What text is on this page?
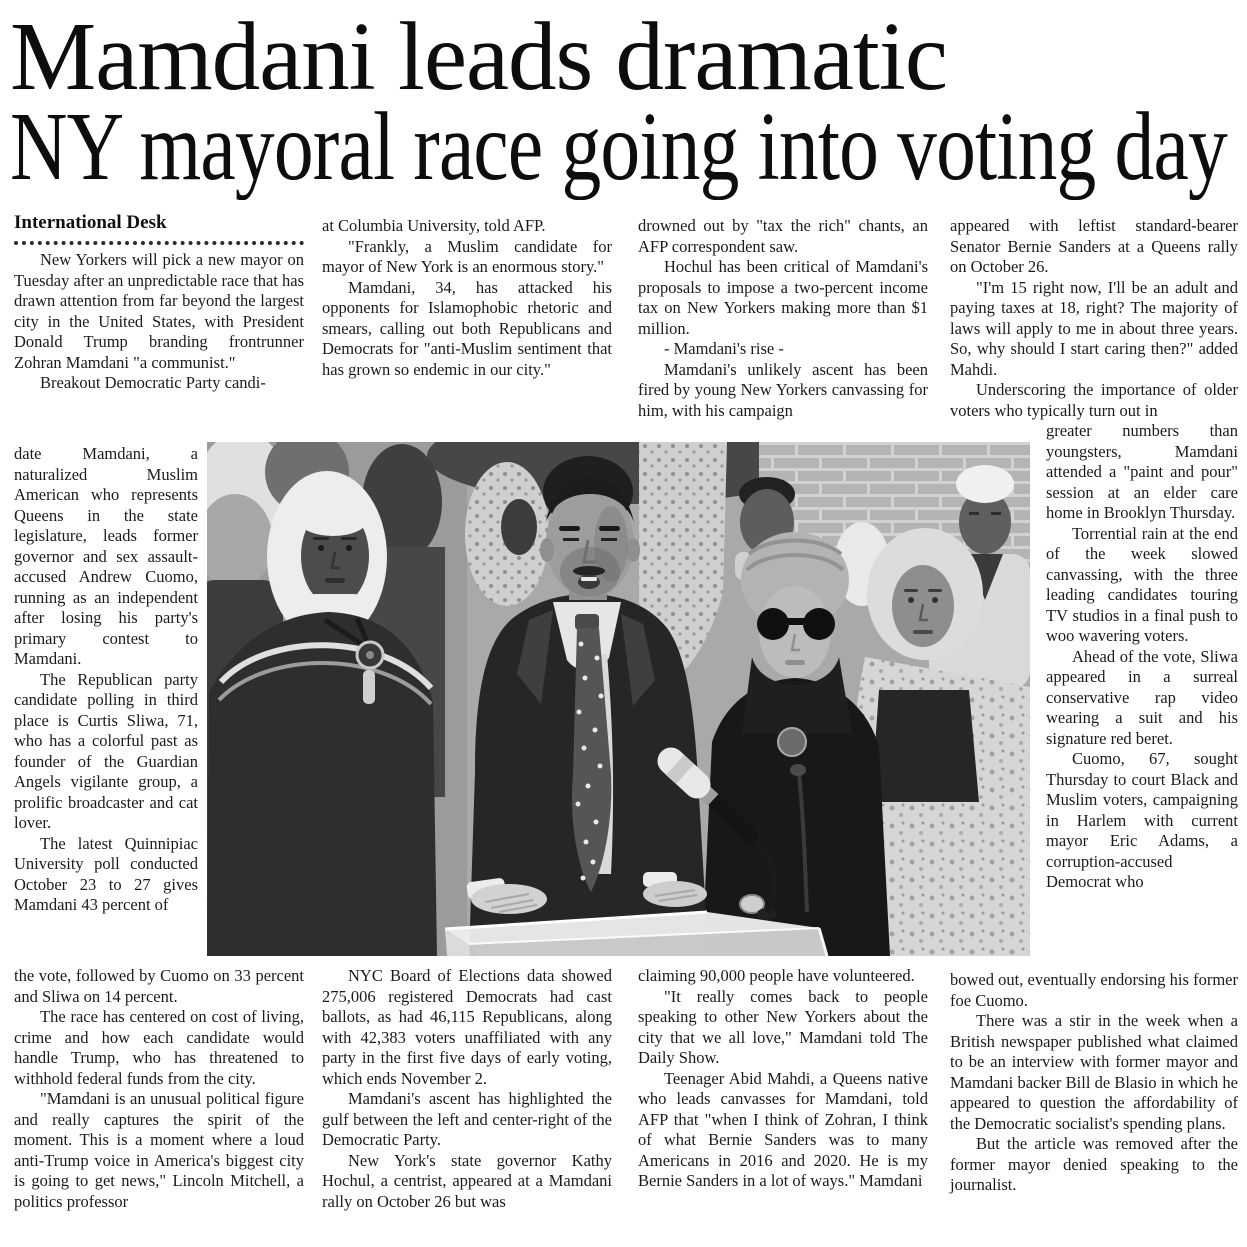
Mamdani leads dramatic
NY mayoral race going into voting day
International Desk

New Yorkers will pick a new mayor on Tuesday after an unpredictable race that has drawn attention from far beyond the largest city in the United States, with President Donald Trump branding frontrunner Zohran Mamdani "a communist."

Breakout Democratic Party candi-

date Mamdani, a naturalized Muslim American who represents Queens in the state legislature, leads former governor and sex assault-accused Andrew Cuomo, running as an independent after losing his party's primary contest to Mamdani.

The Republican party candidate polling in third place is Curtis Sliwa, 71, who has a colorful past as founder of the Guardian Angels vigilante group, a prolific broadcaster and cat lover.

The latest Quinnipiac University poll conducted October 23 to 27 gives Mamdani 43 percent of

the vote, followed by Cuomo on 33 percent and Sliwa on 14 percent.

The race has centered on cost of living, crime and how each candidate would handle Trump, who has threatened to withhold federal funds from the city.

"Mamdani is an unusual political figure and really captures the spirit of the moment. This is a moment where a loud anti-Trump voice in America's biggest city is going to get news," Lincoln Mitchell, a politics professor

at Columbia University, told AFP.

"Frankly, a Muslim candidate for mayor of New York is an enormous story."

Mamdani, 34, has attacked his opponents for Islamophobic rhetoric and smears, calling out both Republicans and Democrats for "anti-Muslim sentiment that has grown so endemic in our city."

NYC Board of Elections data showed 275,006 registered Democrats had cast ballots, as had 46,115 Republicans, along with 42,383 voters unaffiliated with any party in the first five days of early voting, which ends November 2.

Mamdani's ascent has highlighted the gulf between the left and center-right of the Democratic Party.

New York's state governor Kathy Hochul, a centrist, appeared at a Mamdani rally on October 26 but was

drowned out by "tax the rich" chants, an AFP correspondent saw.

Hochul has been critical of Mamdani's proposals to impose a two-percent income tax on New Yorkers making more than $1 million.

- Mamdani's rise -

Mamdani's unlikely ascent has been fired by young New Yorkers canvassing for him, with his campaign

claiming 90,000 people have volunteered.

"It really comes back to people speaking to other New Yorkers about the city that we all love," Mamdani told The Daily Show.

Teenager Abid Mahdi, a Queens native who leads canvasses for Mamdani, told AFP that "when I think of Zohran, I think of what Bernie Sanders was to many Americans in 2016 and 2020. He is my Bernie Sanders in a lot of ways." Mamdani

appeared with leftist standard-bearer Senator Bernie Sanders at a Queens rally on October 26.

"I'm 15 right now, I'll be an adult and paying taxes at 18, right? The majority of laws will apply to me in about three years. So, why should I start caring then?" added Mahdi.

Underscoring the importance of older voters who typically turn out in

greater numbers than youngsters, Mamdani attended a "paint and pour" session at an elder care home in Brooklyn Thursday.

Torrential rain at the end of the week slowed canvassing, with the three leading candidates touring TV studios in a final push to woo wavering voters.

Ahead of the vote, Sliwa appeared in a surreal conservative rap video wearing a suit and his signature red beret.

Cuomo, 67, sought Thursday to court Black and Muslim voters, campaigning in Harlem with current mayor Eric Adams, a corruption-accused Democrat who

bowed out, eventually endorsing his former foe Cuomo.

There was a stir in the week when a British newspaper published what claimed to be an interview with former mayor and Mamdani backer Bill de Blasio in which he appeared to question the affordability of the Democratic socialist's spending plans.

But the article was removed after the former mayor denied speaking to the journalist.
